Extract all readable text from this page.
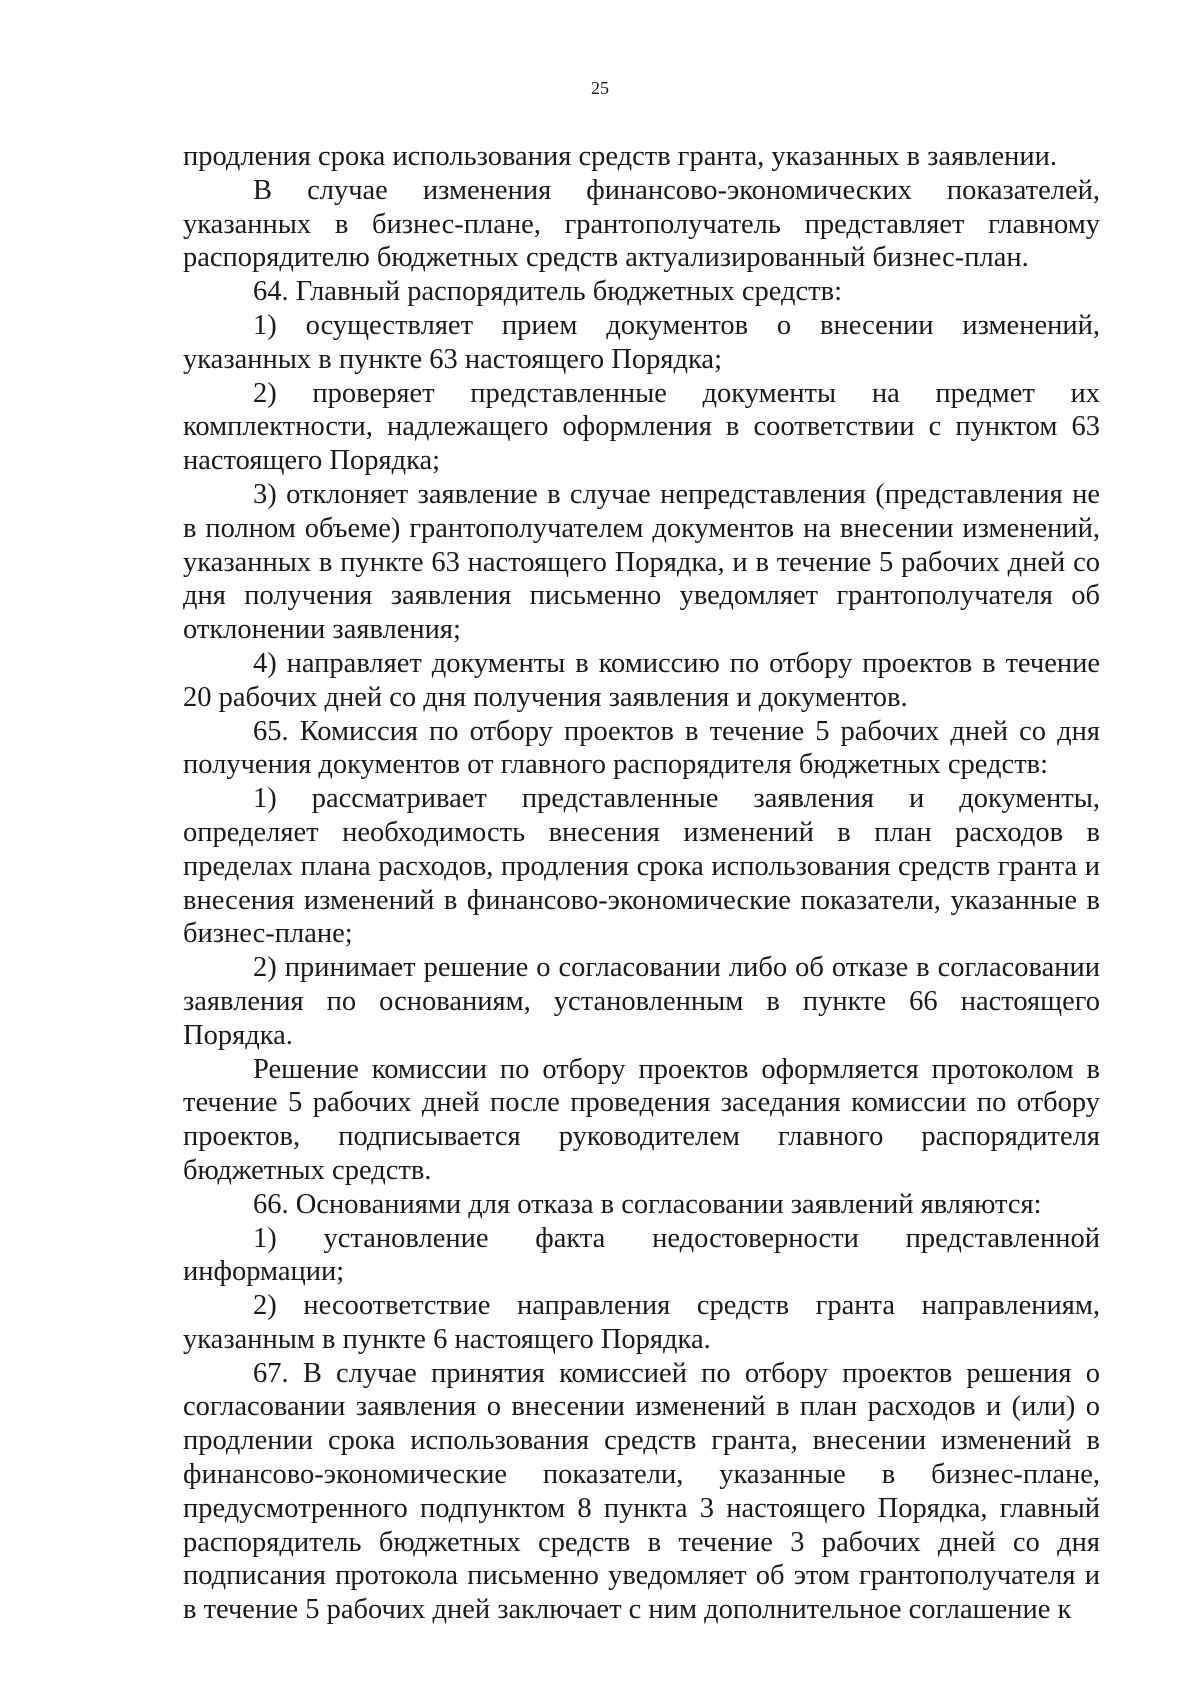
25

продления срока использования средств гранта, указанных в заявлении.

В случае изменения финансово-экономических показателей, указанных в бизнес-плане, грантополучатель представляет главному распорядителю бюджетных средств актуализированный бизнес-план.

64. Главный распорядитель бюджетных средств:

1) осуществляет прием документов о внесении изменений, указанных в пункте 63 настоящего Порядка;

2) проверяет представленные документы на предмет их комплектности, надлежащего оформления в соответствии с пунктом 63 настоящего Порядка;

3) отклоняет заявление в случае непредставления (представления не в полном объеме) грантополучателем документов на внесении изменений, указанных в пункте 63 настоящего Порядка, и в течение 5 рабочих дней со дня получения заявления письменно уведомляет грантополучателя об отклонении заявления;

4) направляет документы в комиссию по отбору проектов в течение 20 рабочих дней со дня получения заявления и документов.

65. Комиссия по отбору проектов в течение 5 рабочих дней со дня получения документов от главного распорядителя бюджетных средств:

1) рассматривает представленные заявления и документы, определяет необходимость внесения изменений в план расходов в пределах плана расходов, продления срока использования средств гранта и внесения изменений в финансово-экономические показатели, указанные в бизнес-плане;

2) принимает решение о согласовании либо об отказе в согласовании заявления по основаниям, установленным в пункте 66 настоящего Порядка.

Решение комиссии по отбору проектов оформляется протоколом в течение 5 рабочих дней после проведения заседания комиссии по отбору проектов, подписывается руководителем главного распорядителя бюджетных средств.

66. Основаниями для отказа в согласовании заявлений являются:

1) установление факта недостоверности представленной информации;

2) несоответствие направления средств гранта направлениям, указанным в пункте 6 настоящего Порядка.

67. В случае принятия комиссией по отбору проектов решения о согласовании заявления о внесении изменений в план расходов и (или) о продлении срока использования средств гранта, внесении изменений в финансово-экономические показатели, указанные в бизнес-плане, предусмотренного подпунктом 8 пункта 3 настоящего Порядка, главный распорядитель бюджетных средств в течение 3 рабочих дней со дня подписания протокола письменно уведомляет об этом грантополучателя и в течение 5 рабочих дней заключает с ним дополнительное соглашение к
